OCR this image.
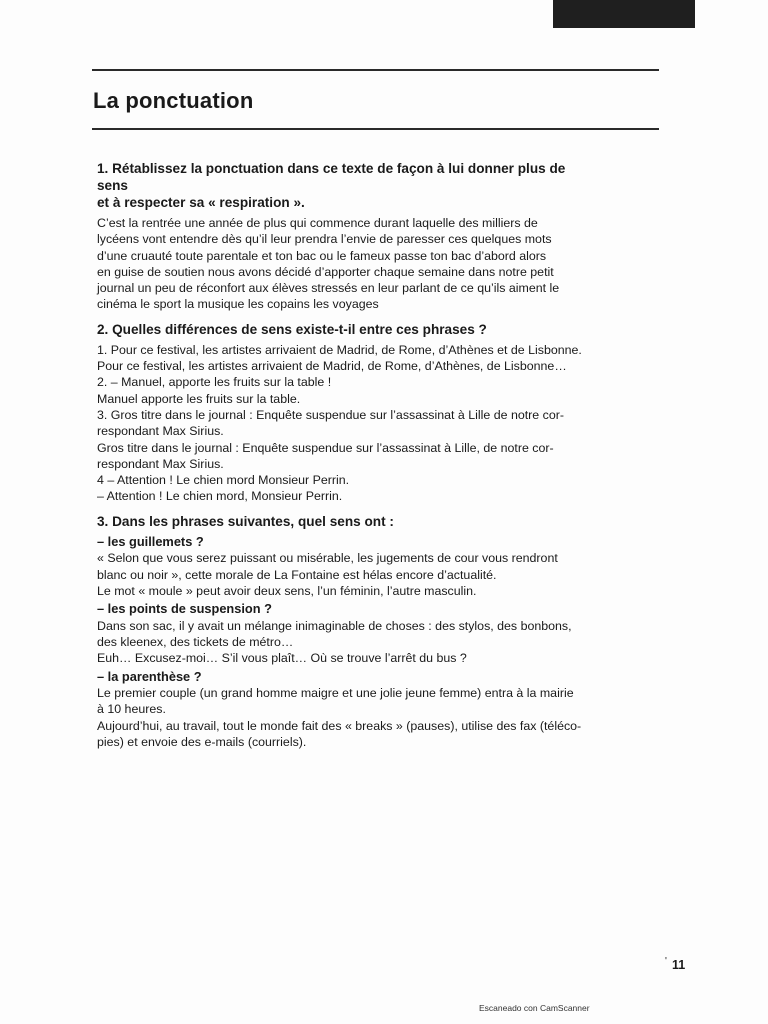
La ponctuation
1. Rétablissez la ponctuation dans ce texte de façon à lui donner plus de sens
et à respecter sa « respiration ».
C’est la rentrée une année de plus qui commence durant laquelle des milliers de
lycéens vont entendre dès qu’il leur prendra l’envie de paresser ces quelques mots
d’une cruauté toute parentale et ton bac ou le fameux passe ton bac d’abord alors
en guise de soutien nous avons décidé d’apporter chaque semaine dans notre petit
journal un peu de réconfort aux élèves stressés en leur parlant de ce qu’ils aiment le
cinéma le sport la musique les copains les voyages
2. Quelles différences de sens existe-t-il entre ces phrases ?
1. Pour ce festival, les artistes arrivaient de Madrid, de Rome, d’Athènes et de Lisbonne.
Pour ce festival, les artistes arrivaient de Madrid, de Rome, d’Athènes, de Lisbonne…
2. – Manuel, apporte les fruits sur la table !
Manuel apporte les fruits sur la table.
3. Gros titre dans le journal : Enquête suspendue sur l’assassinat à Lille de notre cor-
respondant Max Sirius.
Gros titre dans le journal : Enquête suspendue sur l’assassinat à Lille, de notre cor-
respondant Max Sirius.
4 – Attention ! Le chien mord Monsieur Perrin.
– Attention ! Le chien mord, Monsieur Perrin.
3. Dans les phrases suivantes, quel sens ont :
– les guillemets ?
« Selon que vous serez puissant ou misérable, les jugements de cour vous rendront
blanc ou noir », cette morale de La Fontaine est hélas encore d’actualité.
Le mot « moule » peut avoir deux sens, l’un féminin, l’autre masculin.
– les points de suspension ?
Dans son sac, il y avait un mélange inimaginable de choses : des stylos, des bonbons,
des kleenex, des tickets de métro…
Euh… Excusez-moi… S’il vous plaît… Où se trouve l’arrêt du bus ?
– la parenthèse ?
Le premier couple (un grand homme maigre et une jolie jeune femme) entra à la mairie
à 10 heures.
Aujourd’hui, au travail, tout le monde fait des « breaks » (pauses), utilise des fax (téléco-
pies) et envoie des e-mails (courriels).
' 11
Escaneado con CamScanner
